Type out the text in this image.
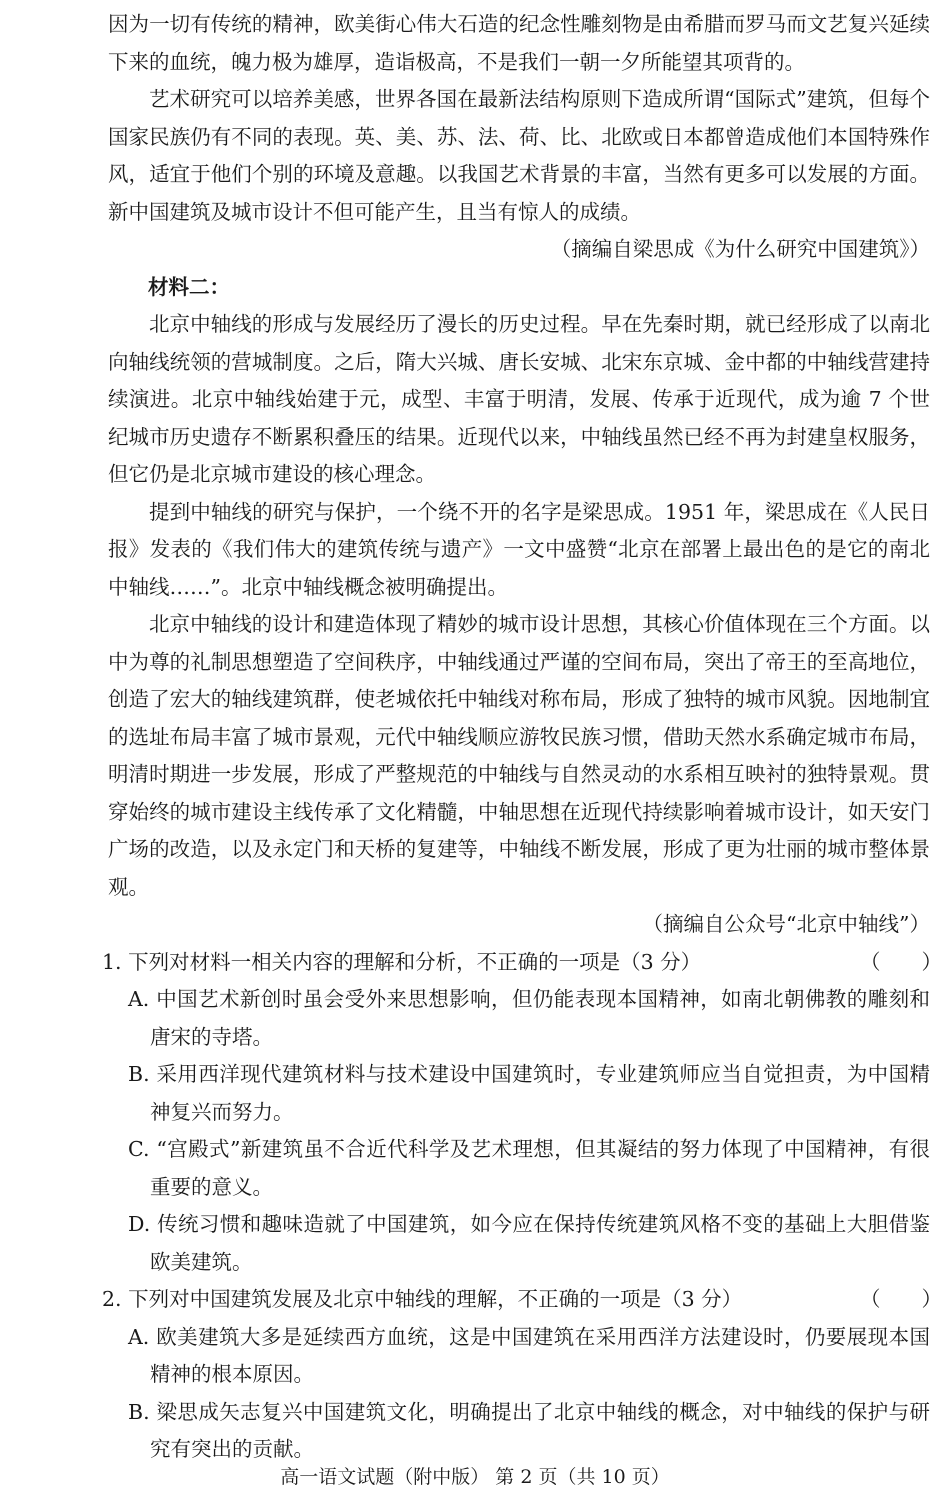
因为一切有传统的精神，欧美街心伟大石造的纪念性雕刻物是由希腊而罗马而文艺复兴延续下来的血统，魄力极为雄厚，造诣极高，不是我们一朝一夕所能望其项背的。

艺术研究可以培养美感，世界各国在最新法结构原则下造成所谓“国际式”建筑，但每个国家民族仍有不同的表现。英、美、苏、法、荷、比、北欧或日本都曾造成他们本国特殊作风，适宜于他们个别的环境及意趣。以我国艺术背景的丰富，当然有更多可以发展的方面。新中国建筑及城市设计不但可能产生，且当有惊人的成绩。

（摘编自梁思成《为什么研究中国建筑》）

材料二：

北京中轴线的形成与发展经历了漫长的历史过程。早在先秦时期，就已经形成了以南北向轴线统领的营城制度。之后，隋大兴城、唐长安城、北宋东京城、金中都的中轴线营建持续演进。北京中轴线始建于元，成型、丰富于明清，发展、传承于近现代，成为逾 7 个世纪城市历史遗存不断累积叠压的结果。近现代以来，中轴线虽然已经不再为封建皇权服务，但它仍是北京城市建设的核心理念。

提到中轴线的研究与保护，一个绕不开的名字是梁思成。1951 年，梁思成在《人民日报》发表的《我们伟大的建筑传统与遗产》一文中盛赞“北京在部署上最出色的是它的南北中轴线……”。北京中轴线概念被明确提出。

北京中轴线的设计和建造体现了精妙的城市设计思想，其核心价值体现在三个方面。以中为尊的礼制思想塑造了空间秩序，中轴线通过严谨的空间布局，突出了帝王的至高地位，创造了宏大的轴线建筑群，使老城依托中轴线对称布局，形成了独特的城市风貌。因地制宜的选址布局丰富了城市景观，元代中轴线顺应游牧民族习惯，借助天然水系确定城市布局，明清时期进一步发展，形成了严整规范的中轴线与自然灵动的水系相互映衬的独特景观。贯穿始终的城市建设主线传承了文化精髓，中轴思想在近现代持续影响着城市设计，如天安门广场的改造，以及永定门和天桥的复建等，中轴线不断发展，形成了更为壮丽的城市整体景观。

（摘编自公众号“北京中轴线”）

1. 下列对材料一相关内容的理解和分析，不正确的一项是（3 分）	（　　）

A. 中国艺术新创时虽会受外来思想影响，但仍能表现本国精神，如南北朝佛教的雕刻和唐宋的寺塔。

B. 采用西洋现代建筑材料与技术建设中国建筑时，专业建筑师应当自觉担责，为中国精神复兴而努力。

C. “宫殿式”新建筑虽不合近代科学及艺术理想，但其凝结的努力体现了中国精神，有很重要的意义。

D. 传统习惯和趣味造就了中国建筑，如今应在保持传统建筑风格不变的基础上大胆借鉴欧美建筑。

2. 下列对中国建筑发展及北京中轴线的理解，不正确的一项是（3 分）	（　　）

A. 欧美建筑大多是延续西方血统，这是中国建筑在采用西洋方法建设时，仍要展现本国精神的根本原因。

B. 梁思成矢志复兴中国建筑文化，明确提出了北京中轴线的概念，对中轴线的保护与研究有突出的贡献。

高一语文试题（附中版） 第 2 页（共 10 页）
